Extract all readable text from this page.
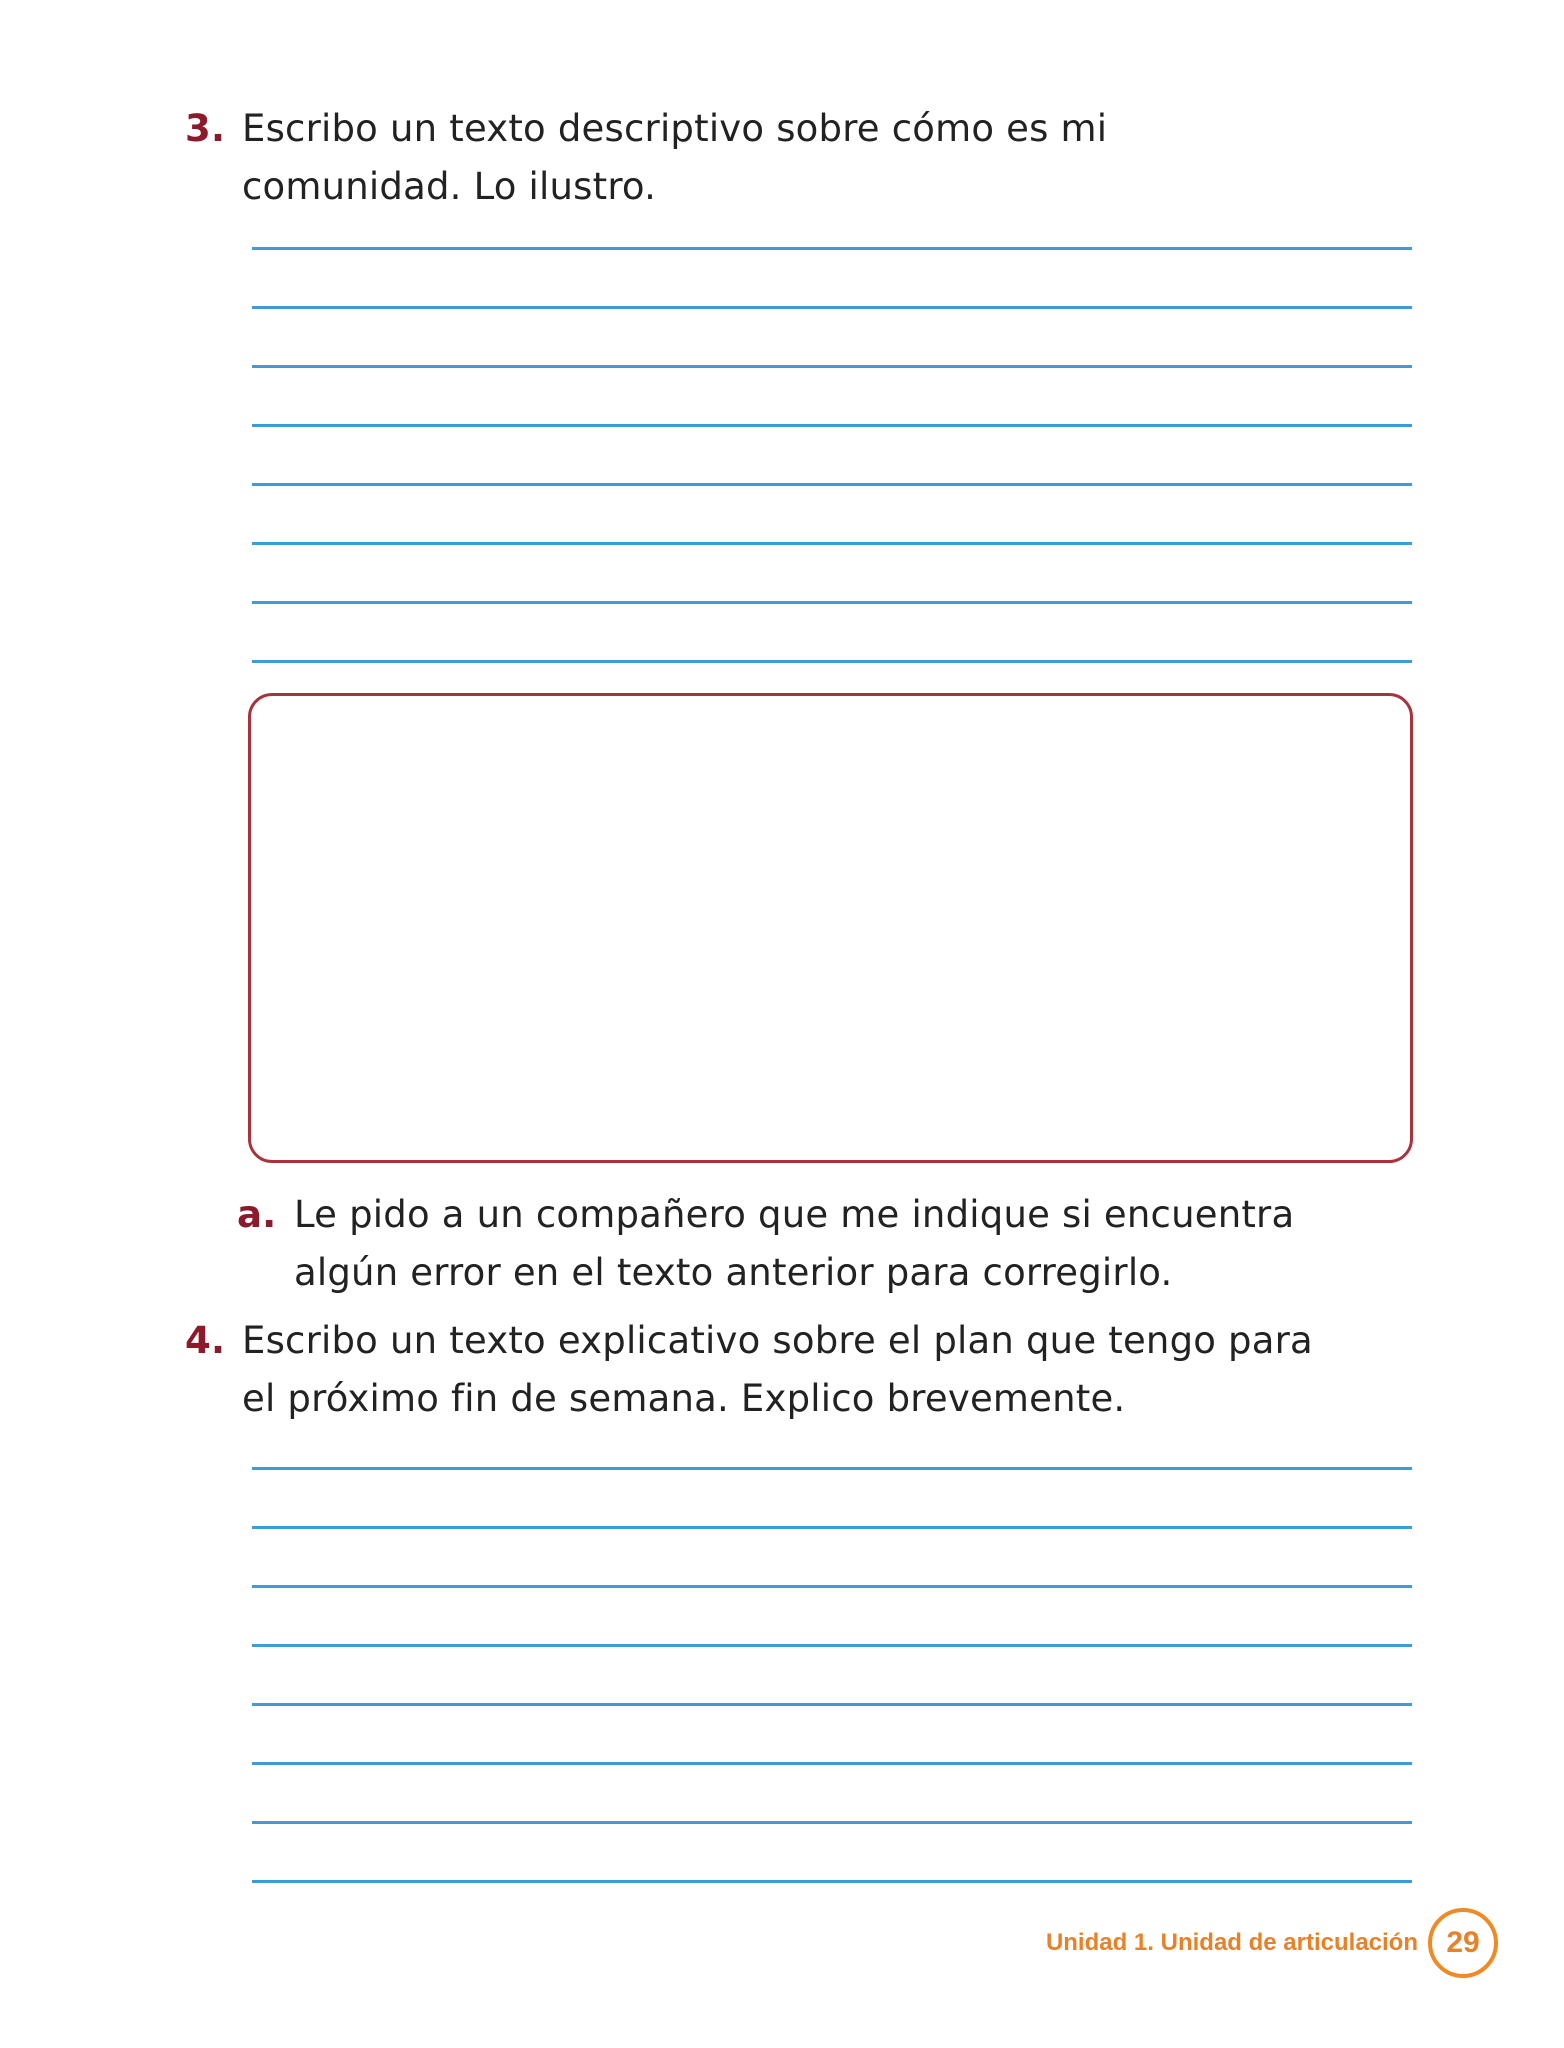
3. Escribo un texto descriptivo sobre cómo es mi comunidad. Lo ilustro.
a. Le pido a un compañero que me indique si encuentra algún error en el texto anterior para corregirlo.
4. Escribo un texto explicativo sobre el plan que tengo para el próximo fin de semana. Explico brevemente.
Unidad 1. Unidad de articulación 29
